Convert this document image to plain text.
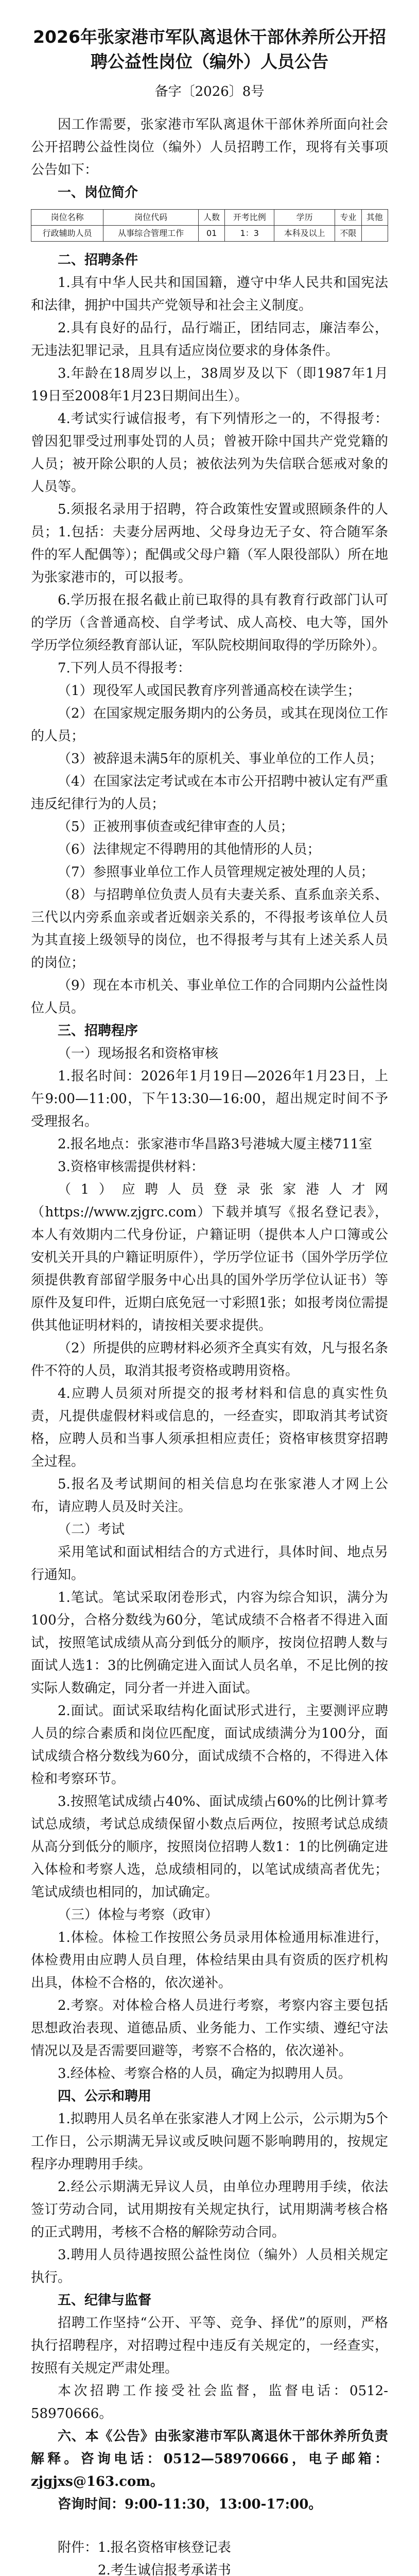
2026年张家港市军队离退休干部休养所公开招聘公益性岗位（编外）人员公告
备字〔2026〕8号

因工作需要，张家港市军队离退休干部休养所面向社会公开招聘公益性岗位（编外）人员招聘工作，现将有关事项公告如下：

一、岗位简介

岗位名称	岗位代码	人数	开考比例	学历	专业	其他
行政辅助人员	从事综合管理工作	01	1：3	本科及以上	不限	

二、招聘条件

1.具有中华人民共和国国籍，遵守中华人民共和国宪法和法律，拥护中国共产党领导和社会主义制度。

2.具有良好的品行，品行端正，团结同志，廉洁奉公，无违法犯罪记录，且具有适应岗位要求的身体条件。

3.年龄在18周岁以上，38周岁及以下（即1987年1月19日至2008年1月23日期间出生）。

4.考试实行诚信报考，有下列情形之一的，不得报考：曾因犯罪受过刑事处罚的人员；曾被开除中国共产党党籍的人员；被开除公职的人员；被依法列为失信联合惩戒对象的人员等。

5.须报名录用于招聘，符合政策性安置或照顾条件的人员；1.包括：夫妻分居两地、父母身边无子女、符合随军条件的军人配偶等）；配偶或父母户籍（军人限役部队）所在地为张家港市的，可以报考。

6.学历报在报名截止前已取得的具有教育行政部门认可的学历（含普通高校、自学考试、成人高校、电大等，国外学历学位须经教育部认证，军队院校期间取得的学历除外）。

7.下列人员不得报考：

（1）现役军人或国民教育序列普通高校在读学生；

（2）在国家规定服务期内的公务员，或其在现岗位工作的人员；

（3）被辞退未满5年的原机关、事业单位的工作人员；

（4）在国家法定考试或在本市公开招聘中被认定有严重违反纪律行为的人员；

（5）正被刑事侦查或纪律审查的人员；

（6）法律规定不得聘用的其他情形的人员；

（7）参照事业单位工作人员管理规定被处理的人员；

（8）与招聘单位负责人员有夫妻关系、直系血亲关系、三代以内旁系血亲或者近姻亲关系的，不得报考该单位人员为其直接上级领导的岗位，也不得报考与其有上述关系人员的岗位；

（9）现在本市机关、事业单位工作的合同期内公益性岗位人员。

三、招聘程序

（一）现场报名和资格审核

1.报名时间：2026年1月19日—2026年1月23日，上午9:00—11:00，下午13:30—16:00，超出规定时间不予受理报名。

2.报名地点：张家港市华昌路3号港城大厦主楼711室

3.资格审核需提供材料：

（1）应聘人员登录张家港人才网（https://www.zjgrc.com）下载并填写《报名登记表》，本人有效期内二代身份证，户籍证明（提供本人户口簿或公安机关开具的户籍证明原件），学历学位证书（国外学历学位须提供教育部留学服务中心出具的国外学历学位认证书）等原件及复印件，近期白底免冠一寸彩照1张；如报考岗位需提供其他证明材料的，请按相关要求提供。

（2）所提供的应聘材料必须齐全真实有效，凡与报名条件不符的人员，取消其报考资格或聘用资格。

4.应聘人员须对所提交的报考材料和信息的真实性负责，凡提供虚假材料或信息的，一经查实，即取消其考试资格，应聘人员和当事人须承担相应责任；资格审核贯穿招聘全过程。

5.报名及考试期间的相关信息均在张家港人才网上公布，请应聘人员及时关注。

（二）考试

采用笔试和面试相结合的方式进行，具体时间、地点另行通知。

1.笔试。笔试采取闭卷形式，内容为综合知识，满分为100分，合格分数线为60分，笔试成绩不合格者不得进入面试，按照笔试成绩从高分到低分的顺序，按岗位招聘人数与面试人选1：3的比例确定进入面试人员名单，不足比例的按实际人数确定，同分者一并进入面试。

2.面试。面试采取结构化面试形式进行，主要测评应聘人员的综合素质和岗位匹配度，面试成绩满分为100分，面试成绩合格分数线为60分，面试成绩不合格的，不得进入体检和考察环节。

3.按照笔试成绩占40%、面试成绩占60%的比例计算考试总成绩，考试总成绩保留小数点后两位，按照考试总成绩从高分到低分的顺序，按照岗位招聘人数1：1的比例确定进入体检和考察人选，总成绩相同的，以笔试成绩高者优先；笔试成绩也相同的，加试确定。

（三）体检与考察（政审）

1.体检。体检工作按照公务员录用体检通用标准进行，体检费用由应聘人员自理，体检结果由具有资质的医疗机构出具，体检不合格的，依次递补。

2.考察。对体检合格人员进行考察，考察内容主要包括思想政治表现、道德品质、业务能力、工作实绩、遵纪守法情况以及是否需要回避等，考察不合格的，依次递补。

3.经体检、考察合格的人员，确定为拟聘用人员。

四、公示和聘用

1.拟聘用人员名单在张家港人才网上公示，公示期为5个工作日，公示期满无异议或反映问题不影响聘用的，按规定程序办理聘用手续。

2.经公示期满无异议人员，由单位办理聘用手续，依法签订劳动合同，试用期按有关规定执行，试用期满考核合格的正式聘用，考核不合格的解除劳动合同。

3.聘用人员待遇按照公益性岗位（编外）人员相关规定执行。

五、纪律与监督

招聘工作坚持“公开、平等、竞争、择优”的原则，严格执行招聘程序，对招聘过程中违反有关规定的，一经查实，按照有关规定严肃处理。

本次招聘工作接受社会监督，监督电话：0512-58970666。

六、本《公告》由张家港市军队离退休干部休养所负责解释。咨询电话：0512—58970666，电子邮箱：zjgjxs@163.com。

咨询时间：9:00-11:30，13:00-17:00。

附件：1.报名资格审核登记表

2.考生诚信报考承诺书
